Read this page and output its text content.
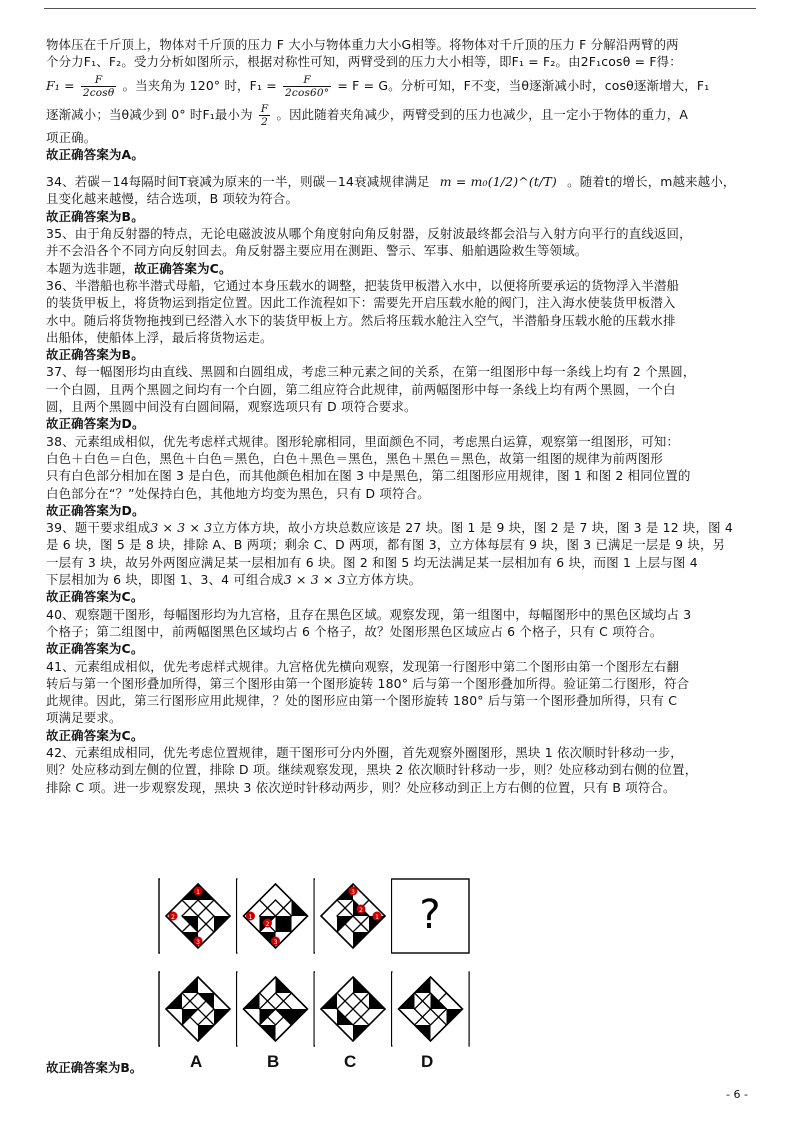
物体压在千斤顶上，物体对千斤顶的压力 F 大小与物体重力大小G相等。将物体对千斤顶的压力 F 分解沿两臂的两

个分力F₁、F₂。受力分析如图所示，根据对称性可知，两臂受到的压力大小相等，即F₁ = F₂。由2F₁cosθ = F得：

$F_1 = \frac{F}{2\cos\theta}$ 。当夹角为 120° 时，$F_1 = \frac{F}{2\cos 60^\circ} = F = G$。分析可知，F不变，当θ逐渐减小时，cosθ逐渐增大，F₁

逐渐减小；当θ减少到 0° 时F₁最小为 $\frac{F}{2}$ 。因此随着夹角减少，两臂受到的压力也减少，且一定小于物体的重力，A

项正确。

故正确答案为A。

34、若碳－14每隔时间T衰减为原来的一半，则碳－14衰减规律满足 m = m₀(1/2)^(t/T) 。随着t的增长，m越来越小，

且变化越来越慢，结合选项，B 项较为符合。

故正确答案为B。

35、由于角反射器的特点，无论电磁波波从哪个角度射向角反射器，反射波最终都会沿与入射方向平行的直线返回，

并不会沿各个不同方向反射回去。角反射器主要应用在测距、警示、军事、船舶遇险救生等领域。

本题为选非题，故正确答案为C。

36、半潜船也称半潜式母船，它通过本身压载水的调整，把装货甲板潜入水中，以便将所要承运的货物浮入半潜船

的装货甲板上，将货物运到指定位置。因此工作流程如下：需要先开启压载水舱的阀门，注入海水使装货甲板潜入

水中。随后将货物拖拽到已经潜入水下的装货甲板上方。然后将压载水舱注入空气，半潜船身压载水舱的压载水排

出船体，使船体上浮，最后将货物运走。

故正确答案为B。

37、每一幅图形均由直线、黑圆和白圆组成，考虑三种元素之间的关系，在第一组图形中每一条线上均有 2 个黑圆，

一个白圆，且两个黑圆之间均有一个白圆，第二组应符合此规律，前两幅图形中每一条线上均有两个黑圆，一个白

圆，且两个黑圆中间没有白圆间隔，观察选项只有 D 项符合要求。

故正确答案为D。

38、元素组成相似，优先考虑样式规律。图形轮廓相同，里面颜色不同，考虑黑白运算，观察第一组图形，可知：

白色＋白色＝白色，黑色＋白色＝黑色，白色＋黑色＝黑色，黑色＋黑色＝黑色，故第一组图的规律为前两图形

只有白色部分相加在图 3 是白色，而其他颜色相加在图 3 中是黑色，第二组图形应用规律，图 1 和图 2 相同位置的

白色部分在“？”处保持白色，其他地方均变为黑色，只有 D 项符合。

故正确答案为D。

39、题干要求组成3 × 3 × 3立方体方块，故小方块总数应该是 27 块。图 1 是 9 块，图 2 是 7 块，图 3 是 12 块，图 4

是 6 块，图 5 是 8 块，排除 A、B 两项；剩余 C、D 两项，都有图 3，立方体每层有 9 块，图 3 已满足一层是 9 块，另

一层有 3 块，故另外两图应满足某一层相加有 6 块。图 2 和图 5 均无法满足某一层相加有 6 块，而图 1 上层与图 4

下层相加为 6 块，即图 1、3、4 可组合成3 × 3 × 3立方体方块。

故正确答案为C。

40、观察题干图形，每幅图形均为九宫格，且存在黑色区域。观察发现，第一组图中，每幅图形中的黑色区域均占 3

个格子；第二组图中，前两幅图黑色区域均占 6 个格子，故？处图形黑色区域应占 6 个格子，只有 C 项符合。

故正确答案为C。

41、元素组成相似，优先考虑样式规律。九宫格优先横向观察，发现第一行图形中第二个图形由第一个图形左右翻

转后与第一个图形叠加所得，第三个图形由第一个图形旋转 180° 后与第一个图形叠加所得。验证第二行图形，符合

此规律。因此，第三行图形应用此规律，？处的图形应由第一个图形旋转 180° 后与第一个图形叠加所得，只有 C

项满足要求。

故正确答案为C。

42、元素组成相同，优先考虑位置规律，题干图形可分内外圈，首先观察外圈图形，黑块 1 依次顺时针移动一步，

则？处应移动到左侧的位置，排除 D 项。继续观察发现，黑块 2 依次顺时针移动一步，则？处应移动到右侧的位置，

排除 C 项。进一步观察发现，黑块 3 依次逆时针移动两步，则？处应移动到正上方右侧的位置，只有 B 项符合。

1
2
3
1
2
3
3
2
1 ?
A	B	C	D
故正确答案为B。
- 6 -
